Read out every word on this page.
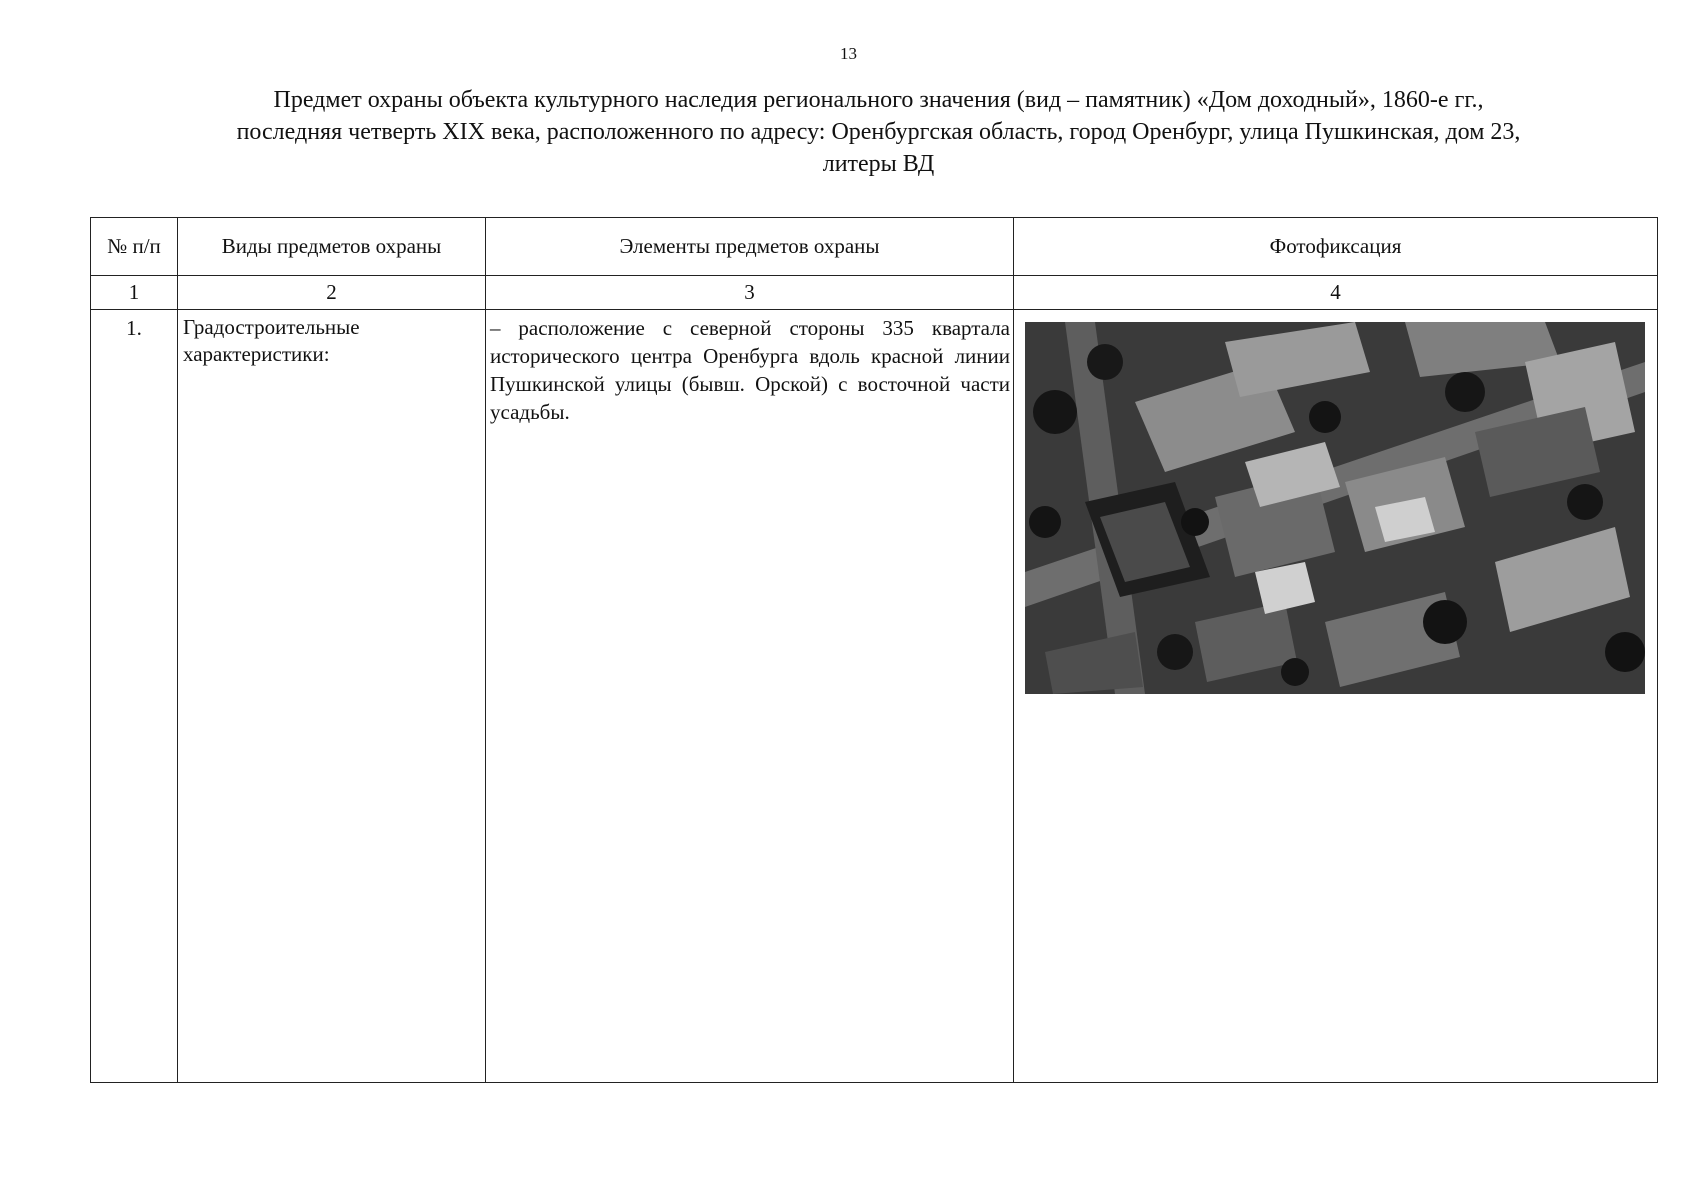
13
Предмет охраны объекта культурного наследия регионального значения (вид – памятник) «Дом доходный», 1860-е гг.,
последняя четверть XIX века, расположенного по адресу: Оренбургская область, город Оренбург, улица Пушкинская, дом 23,
литеры ВД
№ п/п	Виды предметов охраны	Элементы предметов охраны	Фотофиксация
1	2	3	4
1.	Градостроительные характеристики:	– расположение с северной стороны 335 квартала исторического центра Оренбурга вдоль красной линии Пушкинской улицы (бывш. Орской) с восточной части усадьбы.	
